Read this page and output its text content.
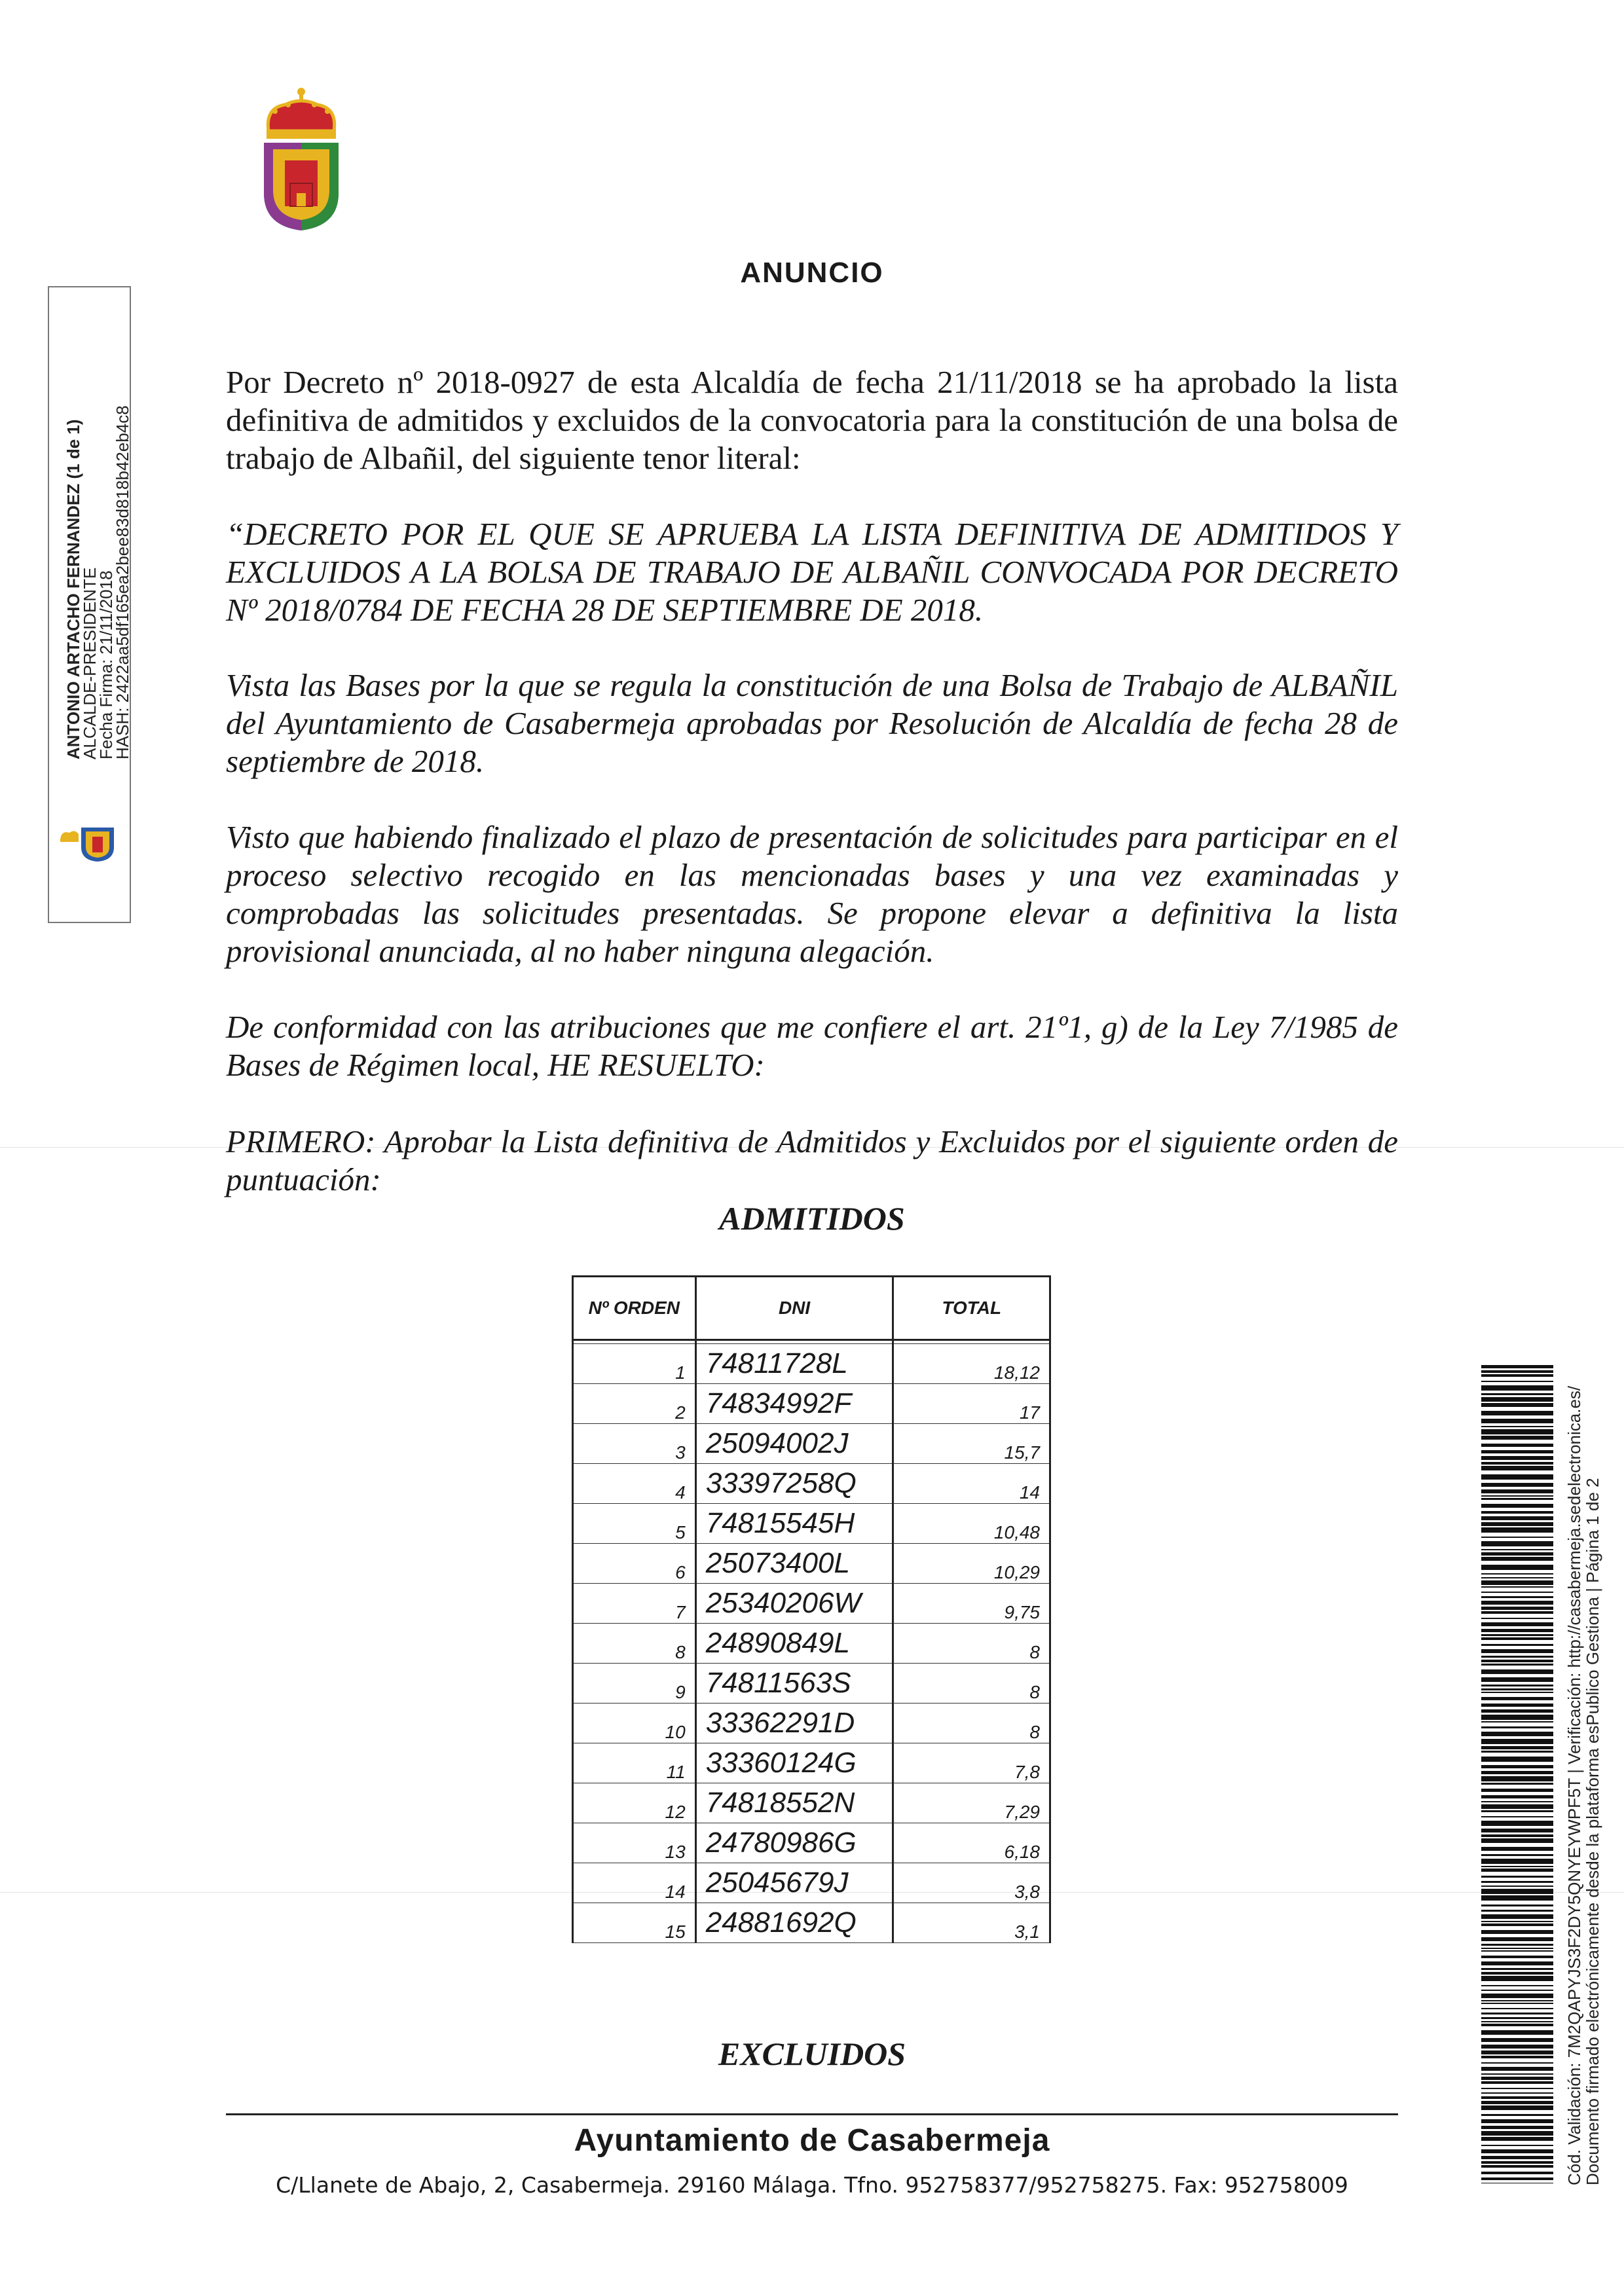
ANTONIO ARTACHO FERNANDEZ (1 de 1)
ALCALDE-PRESIDENTE
Fecha Firma: 21/11/2018
HASH: 2422aa5df165ea2bee83d818b42eb4c8
ANUNCIO
Por Decreto nº 2018-0927 de esta Alcaldía de fecha 21/11/2018 se ha aprobado la lista definitiva de admitidos y excluidos de la convocatoria para la constitución de una bolsa de trabajo de Albañil, del siguiente tenor literal:
“DECRETO POR EL QUE SE APRUEBA LA LISTA DEFINITIVA DE ADMITIDOS Y EXCLUIDOS A LA BOLSA DE TRABAJO DE ALBAÑIL CONVOCADA POR DECRETO Nº 2018/0784 DE FECHA 28 DE SEPTIEMBRE DE 2018.
Vista las Bases por la que se regula la constitución de una Bolsa de Trabajo de ALBAÑIL del Ayuntamiento de Casabermeja aprobadas por Resolución de Alcaldía de fecha 28 de septiembre de 2018.
Visto que habiendo finalizado el plazo de presentación de solicitudes para participar en el proceso selectivo recogido en las mencionadas bases y una vez examinadas y comprobadas las solicitudes presentadas. Se propone elevar a definitiva la lista provisional anunciada, al no haber ninguna alegación.
De conformidad con las atribuciones que me confiere el art. 21º1, g) de la Ley 7/1985 de Bases de Régimen local, HE RESUELTO:
PRIMERO: Aprobar la Lista definitiva de Admitidos y Excluidos por el siguiente orden de puntuación:
ADMITIDOS
Nº ORDEN	DNI	TOTAL

1	74811728L	18,12
2	74834992F	17
3	25094002J	15,7
4	33397258Q	14
5	74815545H	10,48
6	25073400L	10,29
7	25340206W	9,75
8	24890849L	8
9	74811563S	8
10	33362291D	8
11	33360124G	7,8
12	74818552N	7,29
13	24780986G	6,18
14	25045679J	3,8
15	24881692Q	3,1
EXCLUIDOS
Ayuntamiento de Casabermeja
C/Llanete de Abajo, 2, Casabermeja. 29160 Málaga. Tfno. 952758377/952758275. Fax: 952758009	Cód. Validación: 7M2QAPYJS3F2DY5QNYEYWPF5T | Verificación: http://casabermeja.sedelectronica.es/
Documento firmado electrónicamente desde la plataforma esPublico Gestiona | Página 1 de 2
